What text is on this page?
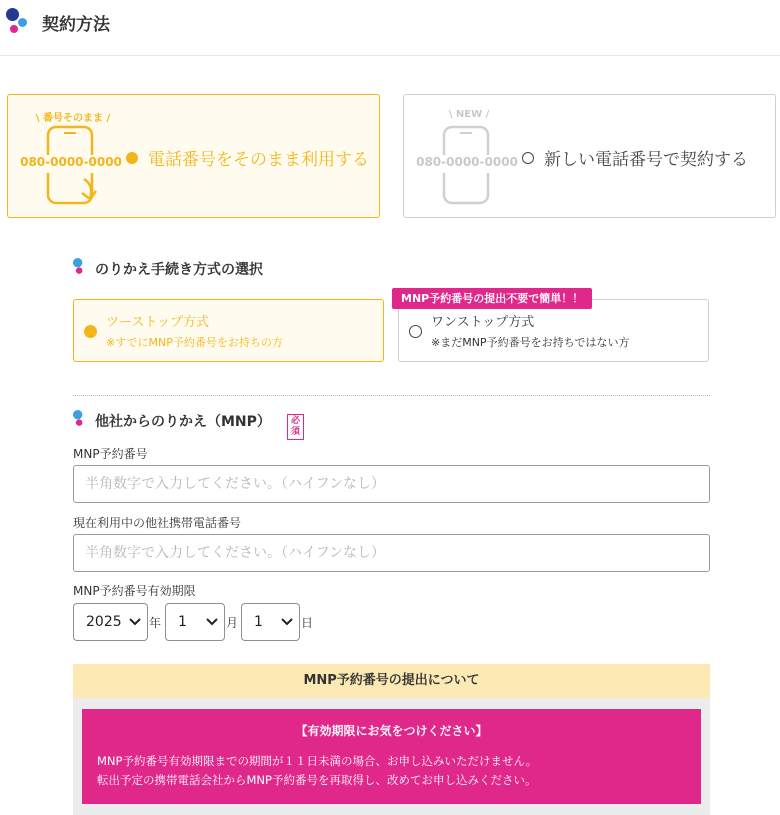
契約方法
\ 番号そのまま /
080-0000-0000 電話番号をそのまま利用する
\ NEW /
080-0000-0000 新しい電話番号で契約する
のりかえ手続き方式の選択
ツーストップ方式
※すでにMNP予約番号をお持ちの方
ワンストップ方式
※まだMNP予約番号をお持ちではない方
MNP予約番号の提出不要で簡単！！
他社からのりかえ（MNP）	必須
MNP予約番号
半角数字で入力してください。（ハイフンなし）
現在利用中の他社携帯電話番号
半角数字で入力してください。（ハイフンなし）
MNP予約番号有効期限
2025 年 1	月 1	日
MNP予約番号の提出について
【有効期限にお気をつけください】
MNP予約番号有効期限までの期間が１１日未満の場合、お申し込みいただけません。
転出予定の携帯電話会社からMNP予約番号を再取得し、改めてお申し込みください。
